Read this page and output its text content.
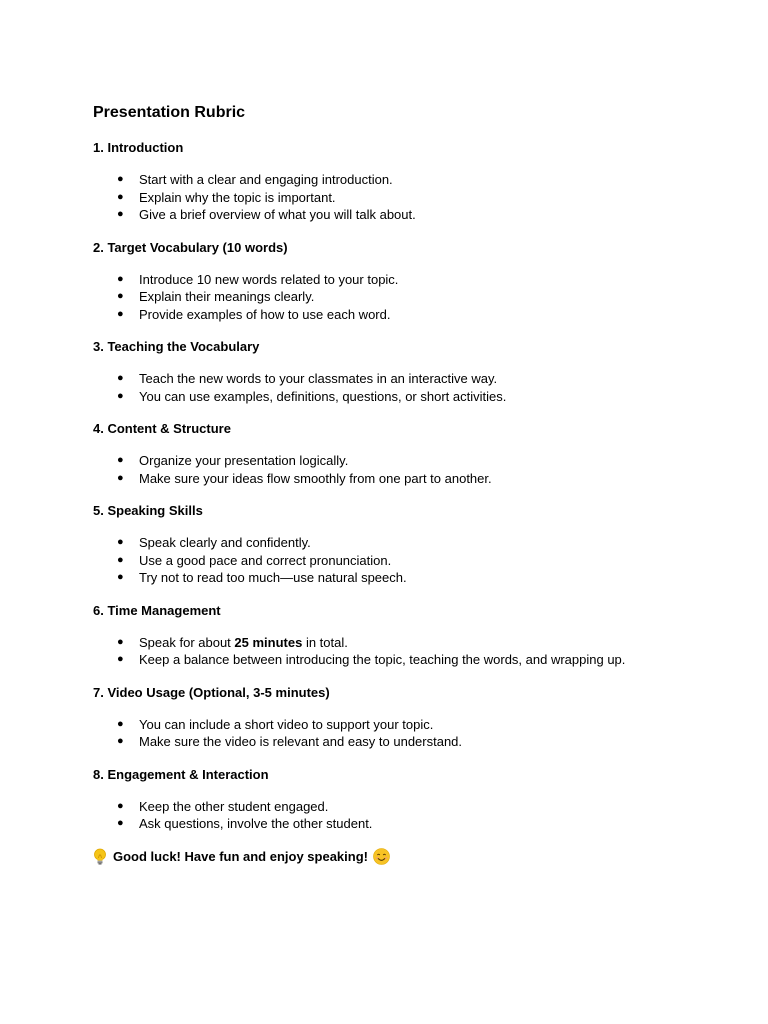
Presentation Rubric
1. Introduction
● Start with a clear and engaging introduction.
● Explain why the topic is important.
● Give a brief overview of what you will talk about.
2. Target Vocabulary (10 words)
● Introduce 10 new words related to your topic.
● Explain their meanings clearly.
● Provide examples of how to use each word.
3. Teaching the Vocabulary
● Teach the new words to your classmates in an interactive way.
● You can use examples, definitions, questions, or short activities.
4. Content & Structure
● Organize your presentation logically.
● Make sure your ideas flow smoothly from one part to another.
5. Speaking Skills
● Speak clearly and confidently.
● Use a good pace and correct pronunciation.
● Try not to read too much—use natural speech.
6. Time Management
● Speak for about 25 minutes in total.
● Keep a balance between introducing the topic, teaching the words, and wrapping up.
7. Video Usage (Optional, 3-5 minutes)
● You can include a short video to support your topic.
● Make sure the video is relevant and easy to understand.
8. Engagement & Interaction
● Keep the other student engaged.
● Ask questions, involve the other student.
Good luck! Have fun and enjoy speaking!
